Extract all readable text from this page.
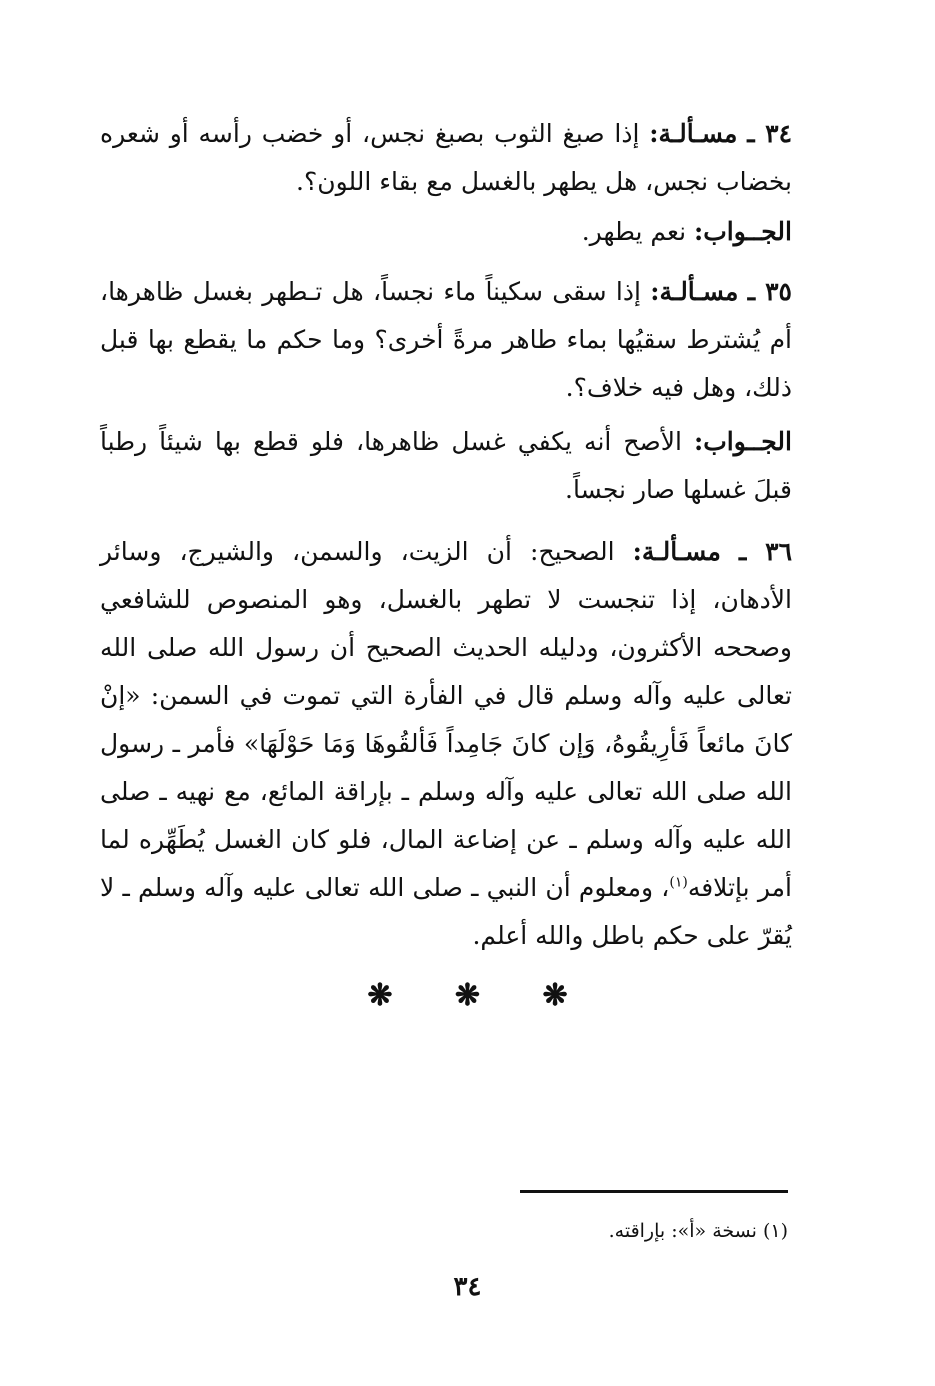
٣٤ ـ مسـألـة: إذا صبغ الثوب بصبغ نجس، أو خضب رأسه أو شعره بخضاب نجس، هل يطهر بالغسل مع بقاء اللون؟.

الجــواب: نعم يطهر.

٣٥ ـ مسـألـة: إذا سقى سكيناً ماء نجساً، هل تـطهر بغسل ظاهرها، أم يُشترط سقيُها بماء طاهر مرةً أخرى؟ وما حكم ما يقطع بها قبل ذلك، وهل فيه خلاف؟.

الجــواب: الأصح أنه يكفي غسل ظاهرها، فلو قطع بها شيئاً رطباً قبلَ غسلها صار نجساً.

٣٦ ـ مسـألـة: الصحيح: أن الزيت، والسمن، والشيرج، وسائر الأدهان، إذا تنجست لا تطهر بالغسل، وهو المنصوص للشافعي وصححه الأكثرون، ودليله الحديث الصحيح أن رسول الله صلى الله تعالى عليه وآله وسلم قال في الفأرة التي تموت في السمن: «إنْ كانَ مائعاً فَأرِيقُوهُ، وَإن كانَ جَامِداً فَألقُوهَا وَمَا حَوْلَهَا» فأمر ـ رسول الله صلى الله تعالى عليه وآله وسلم ـ بإراقة المائع، مع نهيه ـ صلى الله عليه وآله وسلم ـ عن إضاعة المال، فلو كان الغسل يُطَهِّره لما أمر بإتلافه$^{(١)}$، ومعلوم أن النبي ـ صلى الله تعالى عليه وآله وسلم ـ لا يُقرّ على حكم باطل والله أعلم.

❋ ❋ ❋
(١) نسخة «أ»: بإراقته.
٣٤
